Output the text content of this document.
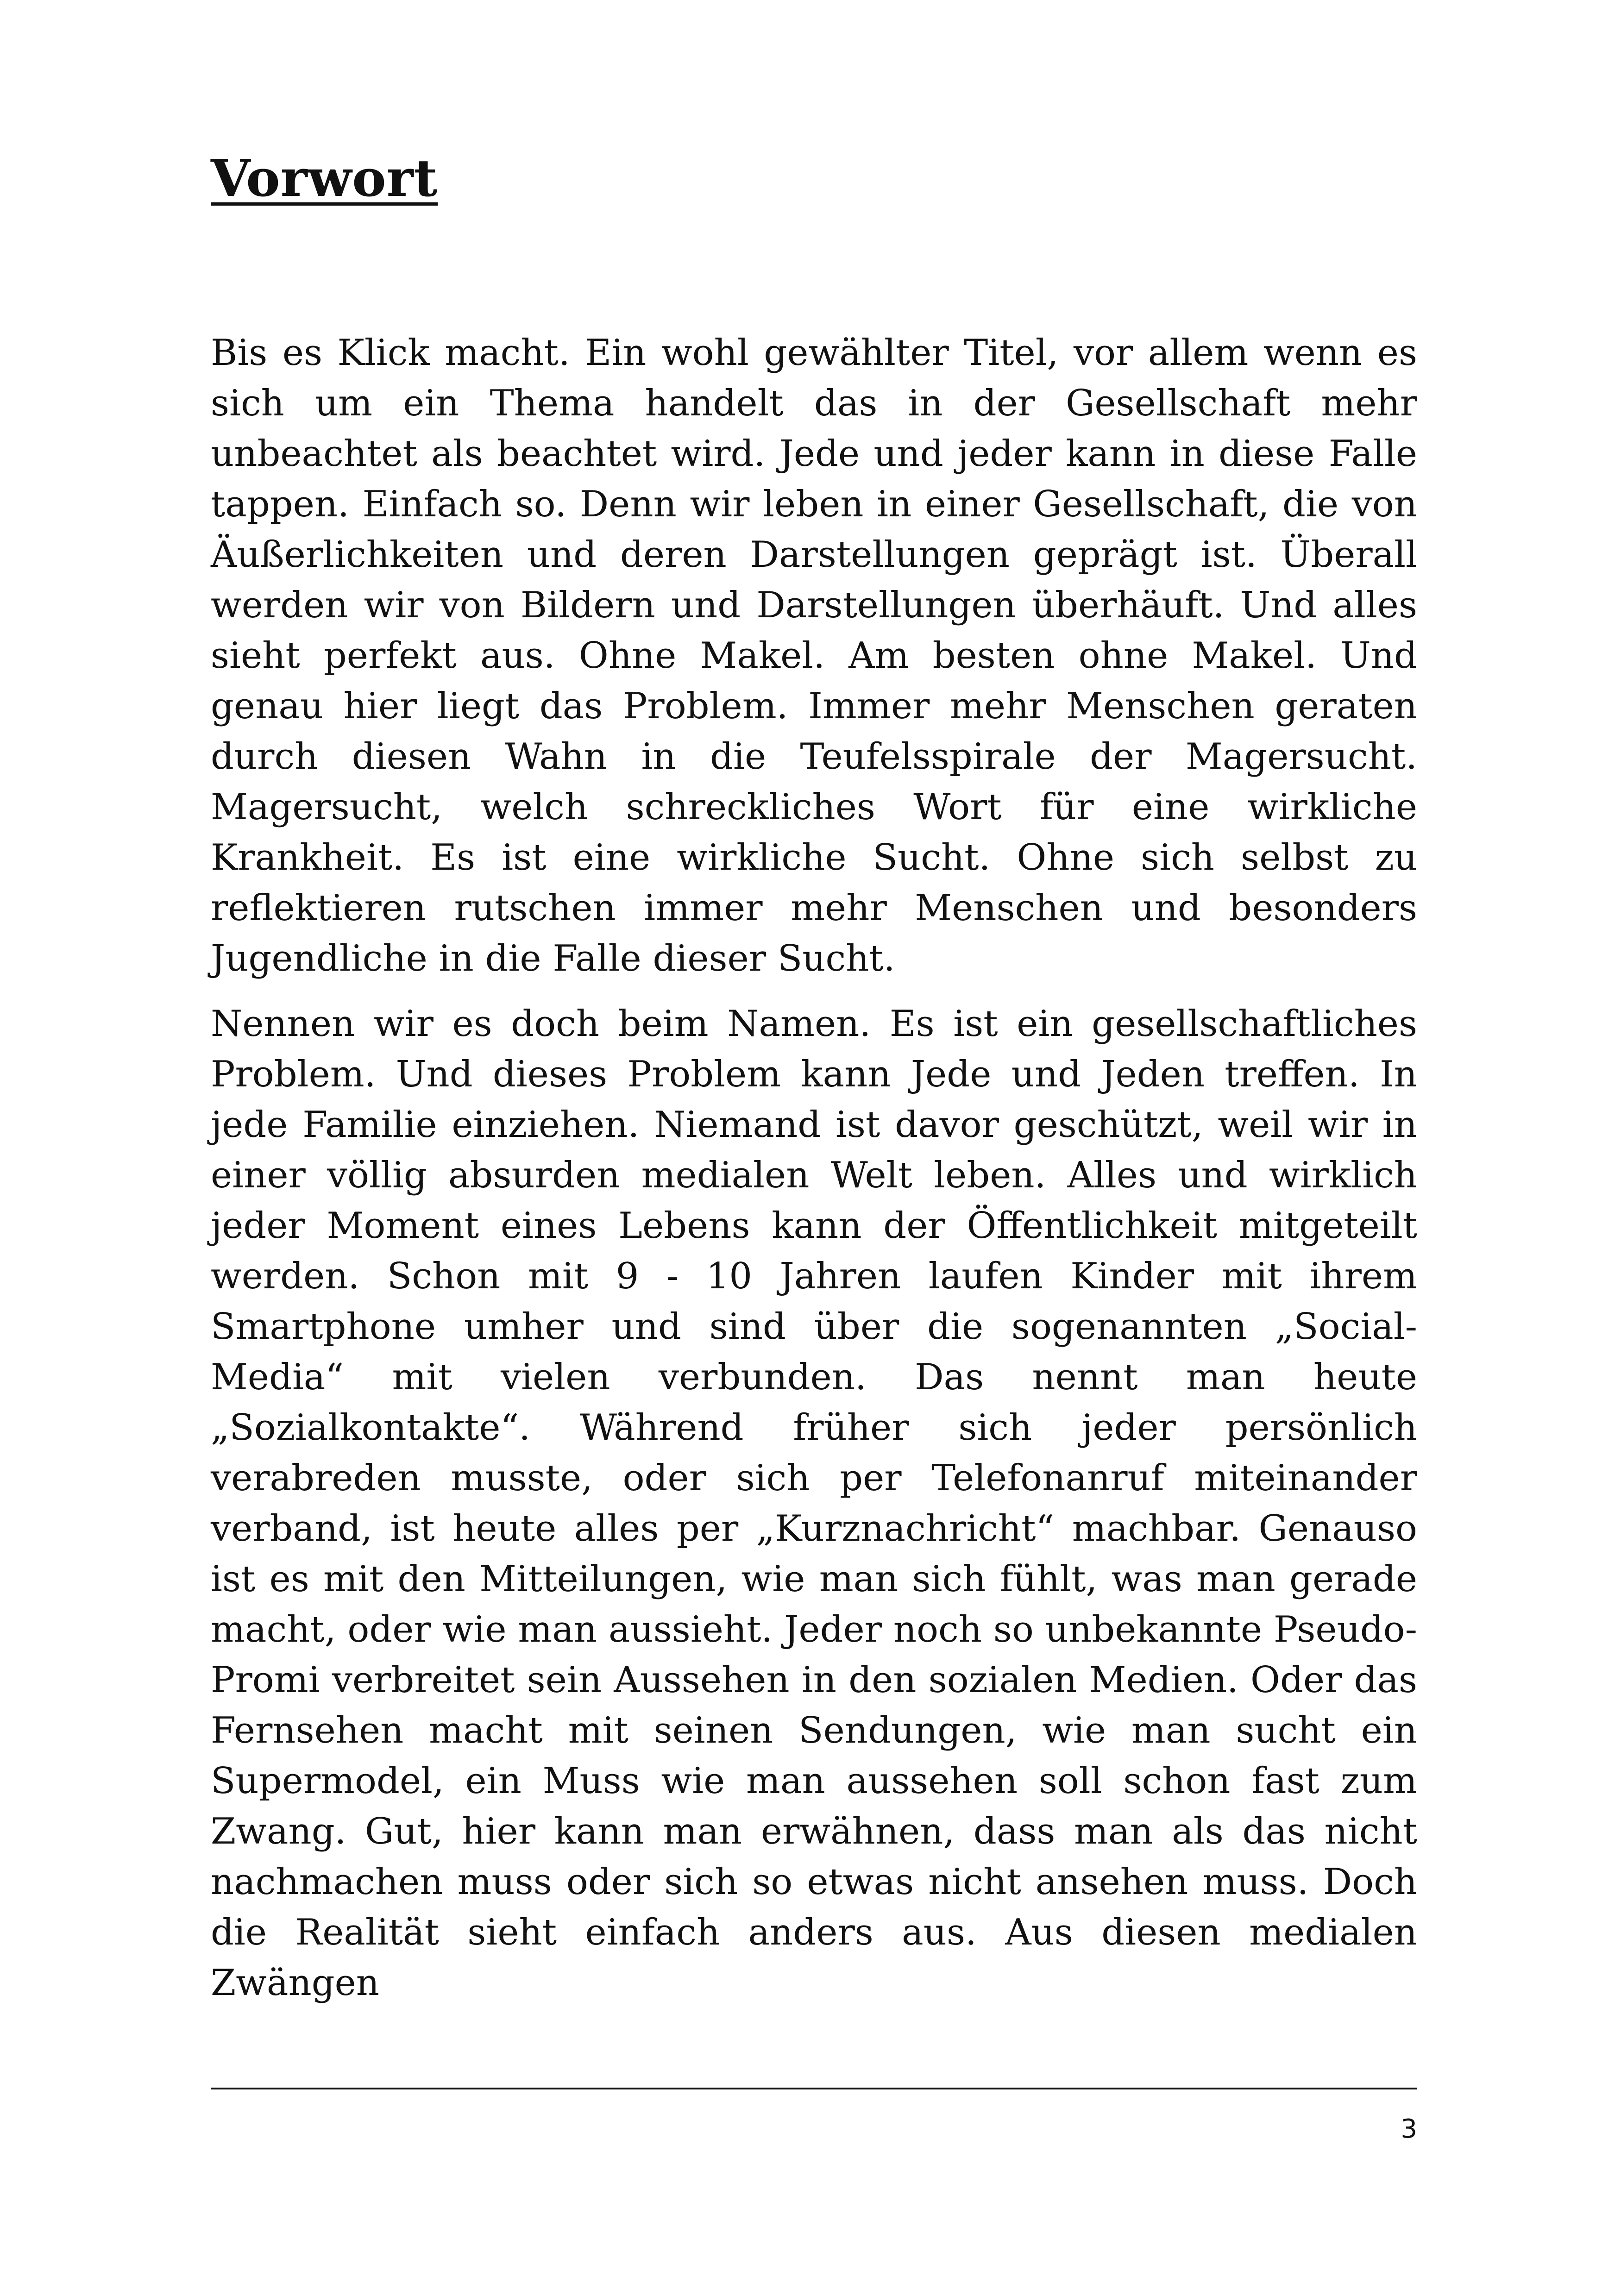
Vorwort

Bis es Klick macht. Ein wohl gewählter Titel, vor allem wenn es sich um ein Thema handelt das in der Gesellschaft mehr unbeachtet als beachtet wird. Jede und jeder kann in diese Falle tappen. Einfach so. Denn wir leben in einer Gesellschaft, die von Äußerlichkeiten und deren Darstellungen geprägt ist. Überall werden wir von Bildern und Darstellungen überhäuft. Und alles sieht perfekt aus. Ohne Makel. Am besten ohne Makel. Und genau hier liegt das Problem. Immer mehr Menschen geraten durch diesen Wahn in die Teufelsspirale der Magersucht. Magersucht, welch schreckliches Wort für eine wirkliche Krankheit. Es ist eine wirkliche Sucht. Ohne sich selbst zu reflektieren rutschen immer mehr Menschen und besonders Jugendliche in die Falle dieser Sucht.

Nennen wir es doch beim Namen. Es ist ein gesellschaftliches Problem. Und dieses Problem kann Jede und Jeden treffen. In jede Familie einziehen. Niemand ist davor geschützt, weil wir in einer völlig absurden medialen Welt leben. Alles und wirklich jeder Moment eines Lebens kann der Öffentlichkeit mitgeteilt werden. Schon mit 9 - 10 Jahren laufen Kinder mit ihrem Smartphone umher und sind über die sogenannten „Social-Media“ mit vielen verbunden. Das nennt man heute „Sozialkontakte“. Während früher sich jeder persönlich verabreden musste, oder sich per Telefonanruf miteinander verband, ist heute alles per „Kurznachricht“ machbar. Genauso ist es mit den Mitteilungen, wie man sich fühlt, was man gerade macht, oder wie man aussieht. Jeder noch so unbekannte Pseudo- Promi verbreitet sein Aussehen in den sozialen Medien. Oder das Fernsehen macht mit seinen Sendungen, wie man sucht ein Supermodel, ein Muss wie man aussehen soll schon fast zum Zwang. Gut, hier kann man erwähnen, dass man als das nicht nachmachen muss oder sich so etwas nicht ansehen muss. Doch die Realität sieht einfach anders aus. Aus diesen medialen Zwängen

3
